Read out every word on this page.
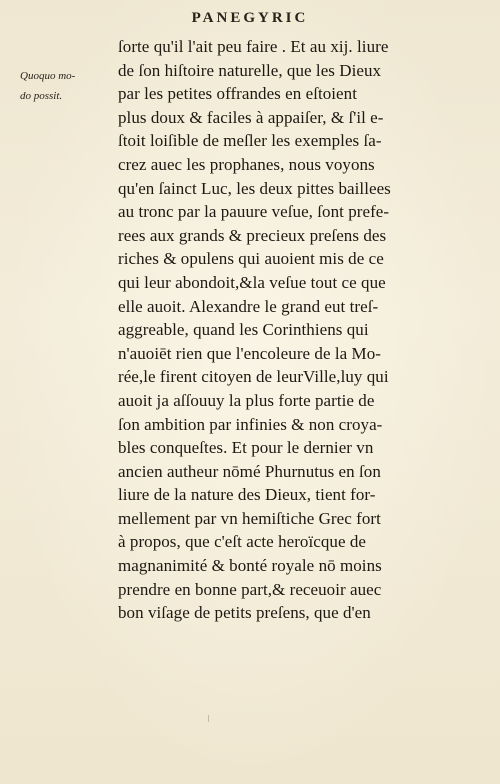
PANEGYRIC
Quoquo mo-
do possit.
ſorte qu'il l'ait peu faire . Et au xij. liure
de ſon hiſtoire naturelle, que les Dieux
par les petites offrandes en eſtoient
plus doux & faciles à appaiſer, & ſ'il e-
ſtoit loiſible de meſler les exemples ſa-
crez auec les prophanes, nous voyons
qu'en ſainct Luc, les deux pittes baillees
au tronc par la pauure veſue, ſont prefe-
rees aux grands & precieux preſens des
riches & opulens qui auoient mis de ce
qui leur abondoit,&la veſue tout ce que
elle auoit. Alexandre le grand eut treſ-
aggreable, quand les Corinthiens qui
n'auoiēt rien que l'encoleure de la Mo-
rée,le firent citoyen de leurVille,luy qui
auoit ja aſſouuy la plus forte partie de
ſon ambition par infinies & non croya-
bles conqueſtes. Et pour le dernier vn
ancien autheur nōmé Phurnutus en ſon
liure de la nature des Dieux, tient for-
mellement par vn hemiſtiche Grec fort
à propos, que c'eſt acte heroïcque de
magnanimité & bonté royale nō moins
prendre en bonne part,& receuoir auec
bon viſage de petits preſens, que d'en
